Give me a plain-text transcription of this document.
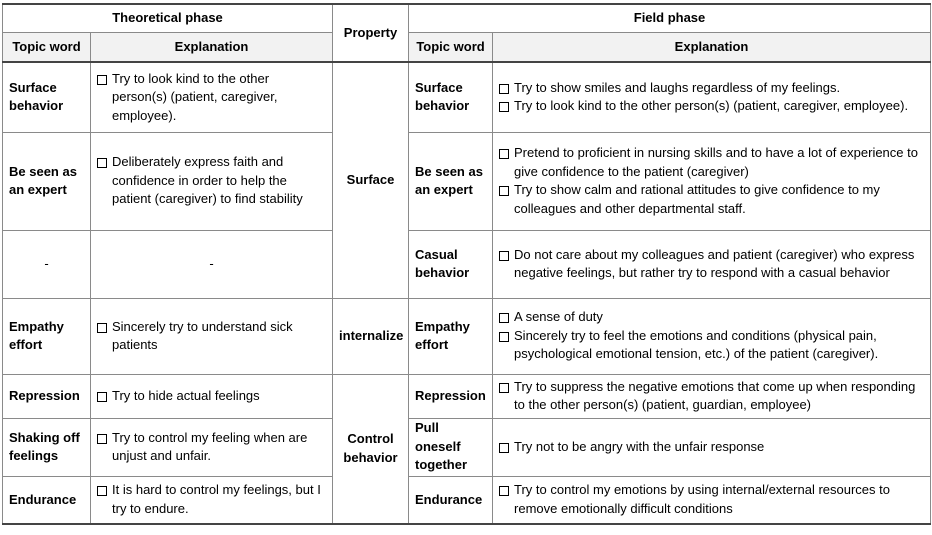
Theoretical phase		Property	Field phase	
Topic word	Explanation		Topic word	Explanation
Surface behavior	Try to look kind to the other person(s) (patient, caregiver, employee).	Surface	Surface behavior	Try to show smiles and laughs regardless of my feelings.
Try to look kind to the other person(s) (patient, caregiver, employee).

Be seen as an expert	Deliberately express faith and confidence in order to help the patient (caregiver) to find stability		Be seen as an expert	Pretend to proficient in nursing skills and to have a lot of experience to give confidence to the patient (caregiver)
Try to show calm and rational attitudes to give confidence to my colleagues and other departmental staff.

-	-		Casual behavior	Do not care about my colleagues and patient (caregiver) who express negative feelings, but rather try to respond with a casual behavior

Empathy effort	Sincerely try to understand sick patients	internalize	Empathy effort	A sense of duty
Sincerely try to feel the emotions and conditions (physical pain, psychological emotional tension, etc.) of the patient (caregiver).

Repression	Try to hide actual feelings	Control behavior	Repression	Try to suppress the negative emotions that come up when responding to the other person(s) (patient, guardian, employee)

Shaking off feelings	Try to control my feeling when are unjust and unfair.		Pull oneself together	Try not to be angry with the unfair response

Endurance	It is hard to control my feelings, but I try to endure.		Endurance	Try to control my emotions by using internal/external resources to remove emotionally difficult conditions
